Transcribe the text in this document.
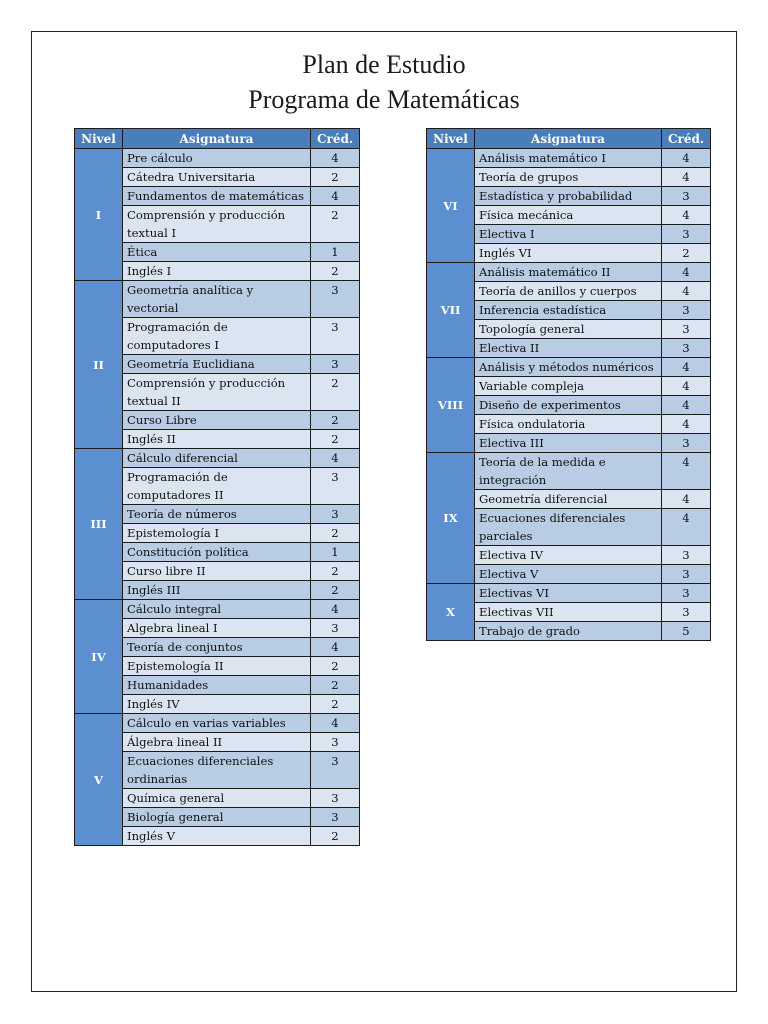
Plan de Estudio
Programa de Matemáticas
Nivel	Asignatura	Créd.
I	Pre cálculo	4
	Cátedra Universitaria	2
	Fundamentos de matemáticas	4
	Comprensión y producción textual I	2
	Ética	1
	Inglés I	2
II	Geometría analítica y vectorial	3
	Programación de computadores I	3
	Geometría Euclidiana	3
	Comprensión y producción textual II	2
	Curso Libre	2
	Inglés II	2
III	Cálculo diferencial	4
	Programación de computadores II	3
	Teoría de números	3
	Epistemología I	2
	Constitución política	1
	Curso libre II	2
	Inglés III	2
IV	Cálculo integral	4
	Algebra lineal I	3
	Teoría de conjuntos	4
	Epistemología II	2
	Humanidades	2
	Inglés IV	2
V	Cálculo en varias variables	4
	Álgebra lineal II	3
	Ecuaciones diferenciales ordinarias	3
	Química general	3
	Biología general	3
	Inglés V	2
Nivel	Asignatura	Créd.
VI	Análisis matemático I	4
	Teoría de grupos	4
	Estadística y probabilidad	3
	Física mecánica	4
	Electiva I	3
	Inglés VI	2
VII	Análisis matemático II	4
	Teoría de anillos y cuerpos	4
	Inferencia estadística	3
	Topología general	3
	Electiva II	3
VIII	Análisis y métodos numéricos	4
	Variable compleja	4
	Diseño de experimentos	4
	Física ondulatoria	4
	Electiva III	3
IX	Teoría de la medida e integración	4
	Geometría diferencial	4
	Ecuaciones diferenciales parciales	4
	Electiva IV	3
	Electiva V	3
X	Electivas VI	3
	Electivas VII	3
	Trabajo de grado	5
